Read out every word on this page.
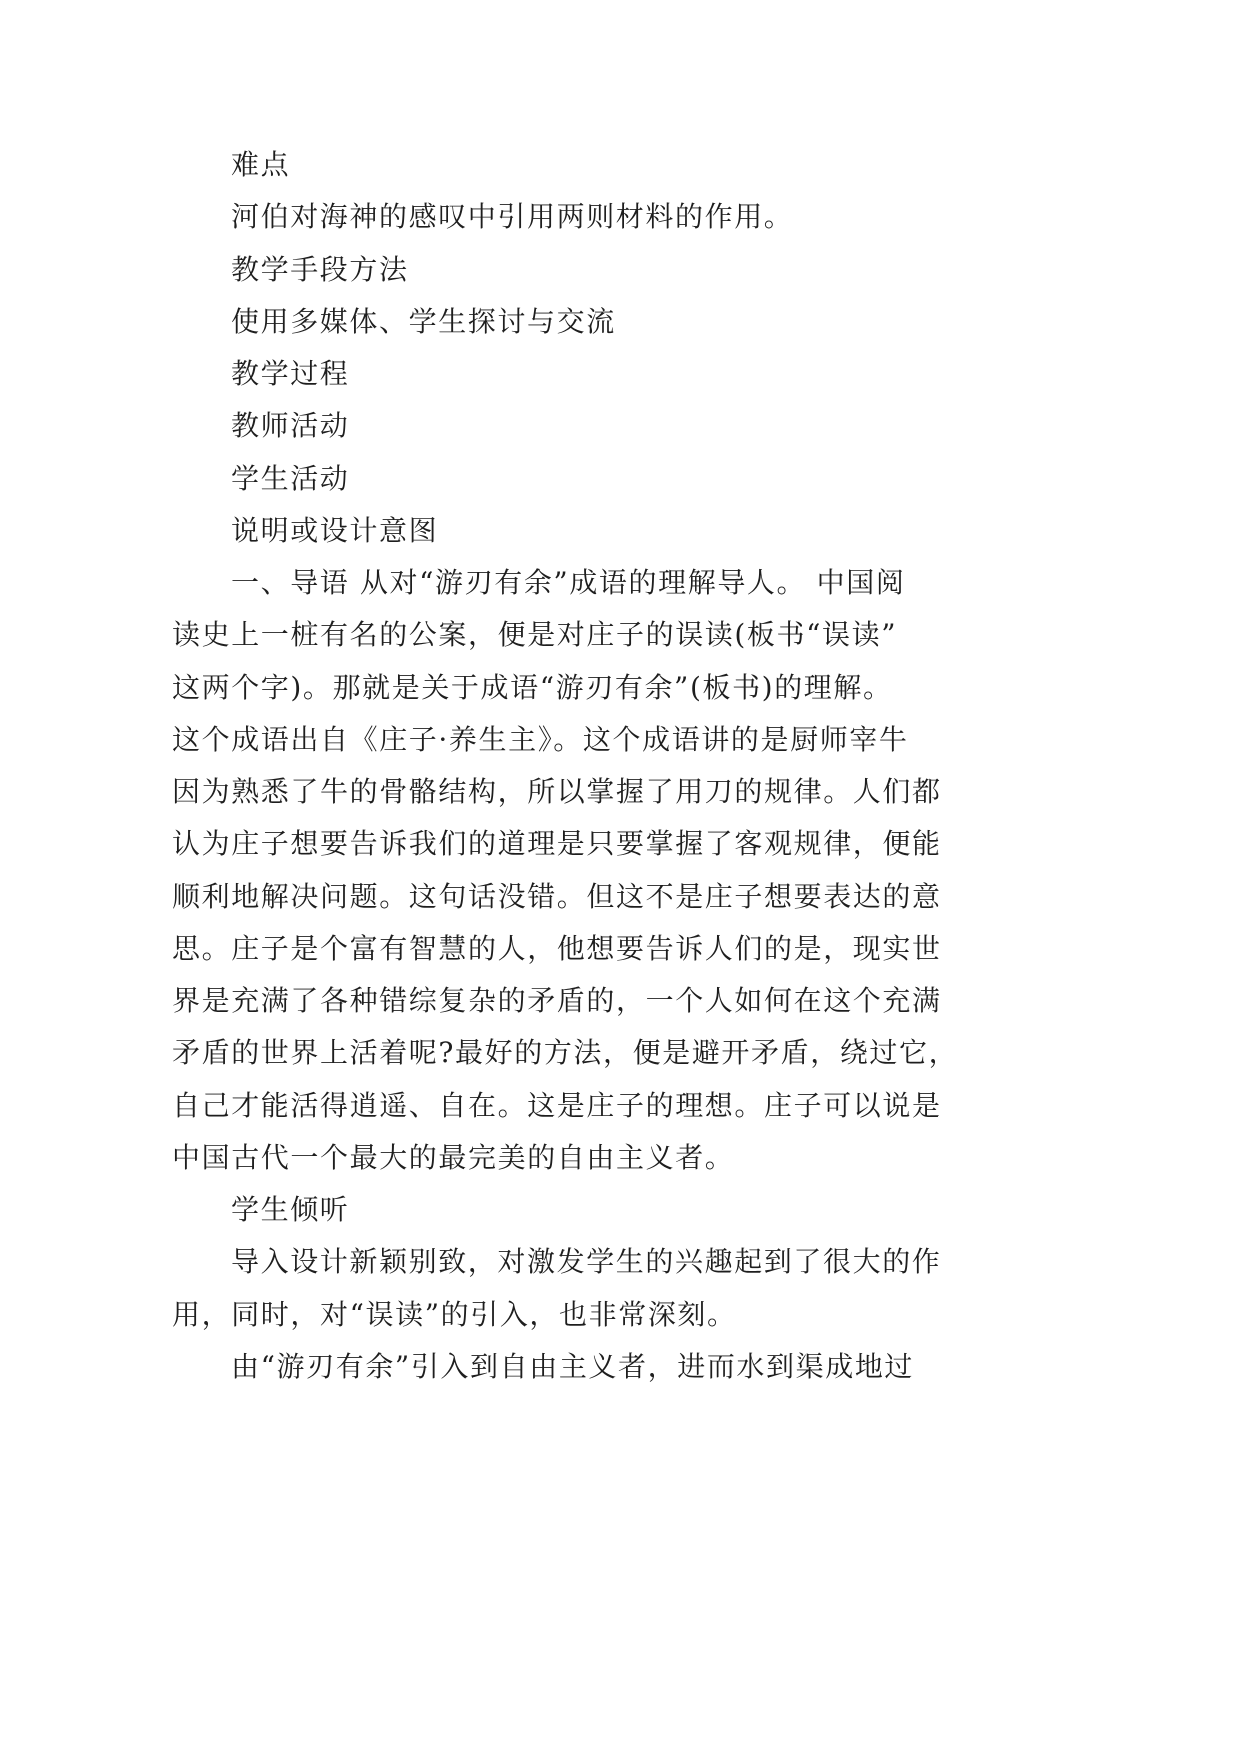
难点
河伯对海神的感叹中引用两则材料的作用。
教学手段方法
使用多媒体、学生探讨与交流
教学过程
教师活动
学生活动
说明或设计意图
一、导语 从对“游刃有余”成语的理解导人。 中国阅
读史上一桩有名的公案，便是对庄子的误读(板书“误读”
这两个字)。那就是关于成语“游刃有余”(板书)的理解。
这个成语出自《庄子·养生主》。这个成语讲的是厨师宰牛
因为熟悉了牛的骨骼结构，所以掌握了用刀的规律。人们都
认为庄子想要告诉我们的道理是只要掌握了客观规律，便能
顺利地解决问题。这句话没错。但这不是庄子想要表达的意
思。庄子是个富有智慧的人，他想要告诉人们的是，现实世
界是充满了各种错综复杂的矛盾的，一个人如何在这个充满
矛盾的世界上活着呢?最好的方法，便是避开矛盾，绕过它，
自己才能活得逍遥、自在。这是庄子的理想。庄子可以说是
中国古代一个最大的最完美的自由主义者。
学生倾听
导入设计新颖别致，对激发学生的兴趣起到了很大的作
用，同时，对“误读”的引入，也非常深刻。
由“游刃有余”引入到自由主义者，进而水到渠成地过
